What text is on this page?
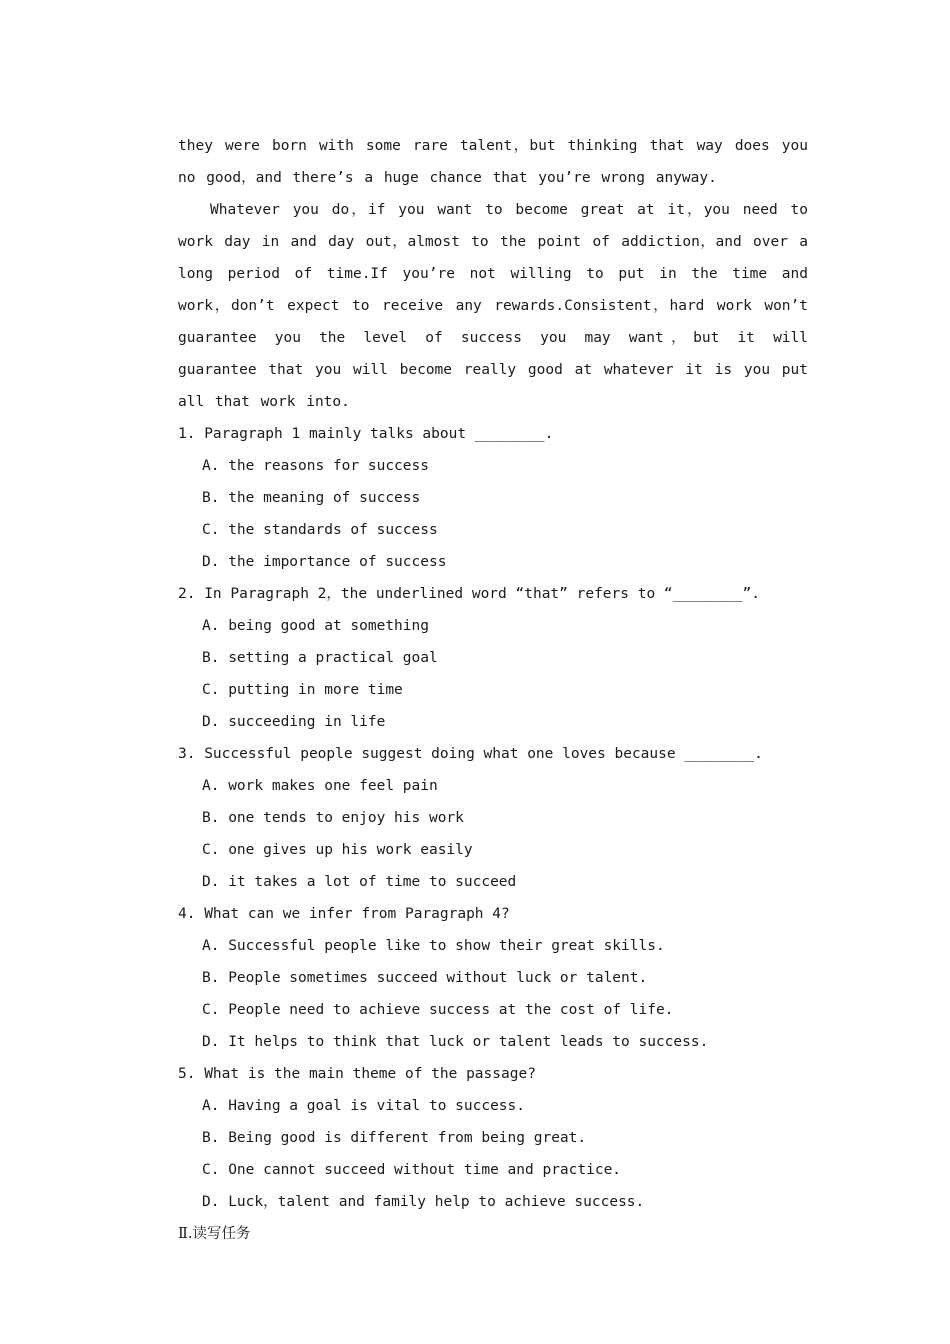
they were born with some rare talent，but thinking that way does you no good，and there’s a huge chance that you’re wrong anyway.

Whatever you do，if you want to become great at it，you need to work day in and day out，almost to the point of addiction，and over a long period of time.If you’re not willing to put in the time and work，don’t expect to receive any rewards.Consistent，hard work won’t guarantee you the level of success you may want，but it will guarantee that you will become really good at whatever it is you put all that work into.

1. Paragraph 1 mainly talks about ________.

A. the reasons for success

B. the meaning of success

C. the standards of success

D. the importance of success

2. In Paragraph 2，the underlined word “that” refers to “________”.

A. being good at something

B. setting a practical goal

C. putting in more time

D. succeeding in life

3. Successful people suggest doing what one loves because ________.

A. work makes one feel pain

B. one tends to enjoy his work

C. one gives up his work easily

D. it takes a lot of time to succeed

4. What can we infer from Paragraph 4?

A. Successful people like to show their great skills.

B. People sometimes succeed without luck or talent.

C. People need to achieve success at the cost of life.

D. It helps to think that luck or talent leads to success.

5. What is the main theme of the passage?

A. Having a goal is vital to success.

B. Being good is different from being great.

C. One cannot succeed without time and practice.

D. Luck，talent and family help to achieve success.

Ⅱ.读写任务
